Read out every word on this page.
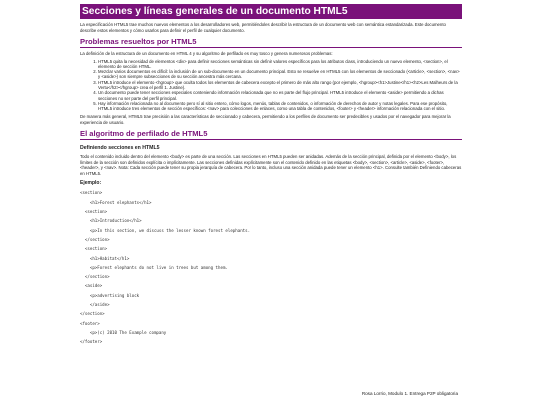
Secciones y líneas generales de un documento HTML5

La especificación HTML5 trae muchos nuevos elementos a los desarrolladores web, permitiéndoles describir la estructura de un documento web con semántica estandarizada. Este documento describe estos elementos y cómo usarlos para definir el perfil de cualquier documento.

Problemas resueltos por HTML5

La definición de la estructura de un documento en HTML 4 y su algoritmo de perfilado es muy tosco y genera numerosos problemas:

1. HTML5 quita la necesidad de elementos <div> para definir secciones semánticas sin definir valores específicos para los atributos class, introduciendo un nuevo elemento, <section>, el elemento de sección HTML.
2. Mezclar varios documentos es difícil: la inclusión de un sub-documento en un documento principal. Esto se resuelve en HTML5 con los elementos de seccionado (<article>, <section>, <nav> y <aside>) son siempre subsecciones de su sección ancestra más cercana.
3. HTML5 introduce el elemento <hgroup> que oculta todos los elementos de cabecera excepto el primero de más alto rango (por ejemplo, <hgroup><h1>Justine</h1><h2>Les Malheurs de la Vertu</h2></hgroup> crea el perfil 1. Justine).
4. Un documento puede tener secciones especiales conteniendo información relacionada que no es parte del flujo principal. HTML5 introduce el elemento <aside> permitiendo a dichas secciones no ser parte del perfil principal.
5. Hay información relacionada no al documento pero sí al sitio entero, cómo logos, menús, tablas de contenidos, o información de derechos de autor y notas legales. Para ese propósito, HTML5 introduce tres elementos de sección específicos: <nav> para colecciones de enlaces, como una tabla de contenidos, <footer> y <header> información relacionada con el sitio.

De manera más general, HTML5 trae precisión a las características de seccionado y cabecera, permitiendo a los perfiles de documento ser predecibles y usados por el navegador para mejorar la experiencia de usuario.

El algoritmo de perfilado de HTML5
Definiendo secciones en HTML5

Todo el contenido incluido dentro del elemento <body> es parte de una sección. Las secciones en HTML5 pueden ser anidadas. Además de la sección principal, definida por el elemento <body>, los límites de la sección son definidos explícita o implícitamente. Las secciones definidas explícitamente son el contenido definido en las etiquetas <body>, <section>, <article>, <aside>, <footer>, <header>, y <nav>. Nota: Cada sección puede tener su propia jerarquía de cabecera. Por lo tanto, incluso una sección anidada puede tener un elemento <h1>. Consulte también Definiendo cabeceras en HTML5.

Ejemplo:
<section>
<h1>Forest elephants</h1>
<section>
<h1>Introduction</h1>
<p>In this section, we discuss the lesser known forest elephants.
</section>
<section>
<h1>Habitat</h1>
<p>Forest elephants do not live in trees but among them.
</section>
<aside>
<p>advertising block
</aside>
</section>
<footer>
<p>(c) 2010 The Example company
</footer>
Rosa Lorrio, Modulo 1. Entrega P2P obligatoria
